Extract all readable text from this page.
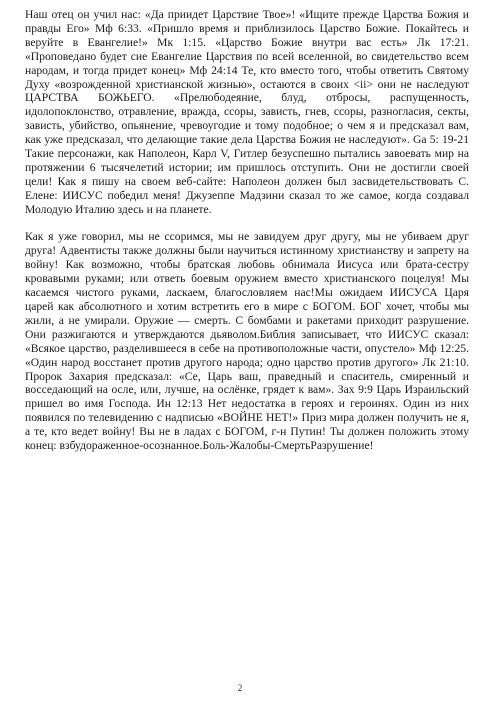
Наш отец он учил нас: «Да приидет Царствие Твое»! «Ищите прежде Царства Божия и правды Его» Мф 6:33. «Пришло время и приблизилось Царство Божие. Покайтесь и веруйте в Евангелие!» Мк 1:15. «Царство Божие внутри вас есть» Лк 17:21. «Проповедано будет сие Евангелие Царствия по всей вселенной, во свидетельство всем народам, и тогда придет конец» Мф 24:14 Те, кто вместо того, чтобы ответить Святому Духу «возрожденной христианской жизнью», остаются в своих <ii> они не наследуют ЦАРСТВА БОЖЬЕГО. «Прелюбодеяние, блуд, отбросы, распущенность, идолопоклонство, отравление, вражда, ссоры, зависть, гнев, ссоры, разногласия, секты, зависть, убийство, опьянение, чревоугодие и тому подобное; о чем я и предсказал вам, как уже предсказал, что делающие такие дела Царства Божия не наследуют». Ga 5: 19-21 Такие персонажи, как Наполеон, Карл V, Гитлер безуспешно пытались завоевать мир на протяжении 6 тысячелетий истории; им пришлось отступить. Они не достигли своей цели! Как я пишу на своем веб-сайте: Наполеон должен был засвидетельствовать С. Елене: ИИСУС победил меня! Джузеппе Мадзини сказал то же самое, когда создавал Молодую Италию здесь и на планете.

Как я уже говорил, мы не ссоримся, мы не завидуем друг другу, мы не убиваем друг друга! Адвентисты также должны были научиться истинному христианству и запрету на войну! Как возможно, чтобы братская любовь обнимала Иисуса или брата-сестру кровавыми руками; или ответь боевым оружием вместо христианского поцелуя! Мы касаемся чистого руками, ласкаем, благословляем нас!Мы ожидаем ИИСУСА Царя царей как абсолютного и хотим встретить его в мире с БОГОМ. БОГ хочет, чтобы мы жили, а не умирали. Оружие — смерть. С бомбами и ракетами приходит разрушение. Они разжигаются и утверждаются дьяволом.Библия записывает, что ИИСУС сказал: «Всякое царство, разделившееся в себе на противоположные части, опустело» Мф 12:25. «Один народ восстанет против другого народа; одно царство против другого» Лк 21:10. Пророк Захария предсказал: «Се, Царь ваш, праведный и спаситель, смиренный и восседающий на осле, или, лучше, на ослёнке, грядет к вам». Зах 9:9 Царь Израильский пришел во имя Господа. Ин 12:13 Нет недостатка в героях и героинях. Один из них появился по телевидению с надписью «ВОЙНЕ НЕТ!» Приз мира должен получить не я, а те, кто ведет войну! Вы не в ладах с БОГОМ, г-н Путин! Ты должен положить этому конец: взбудораженное-осознанное.Боль-Жалобы-СмертьРазрушение!

2
